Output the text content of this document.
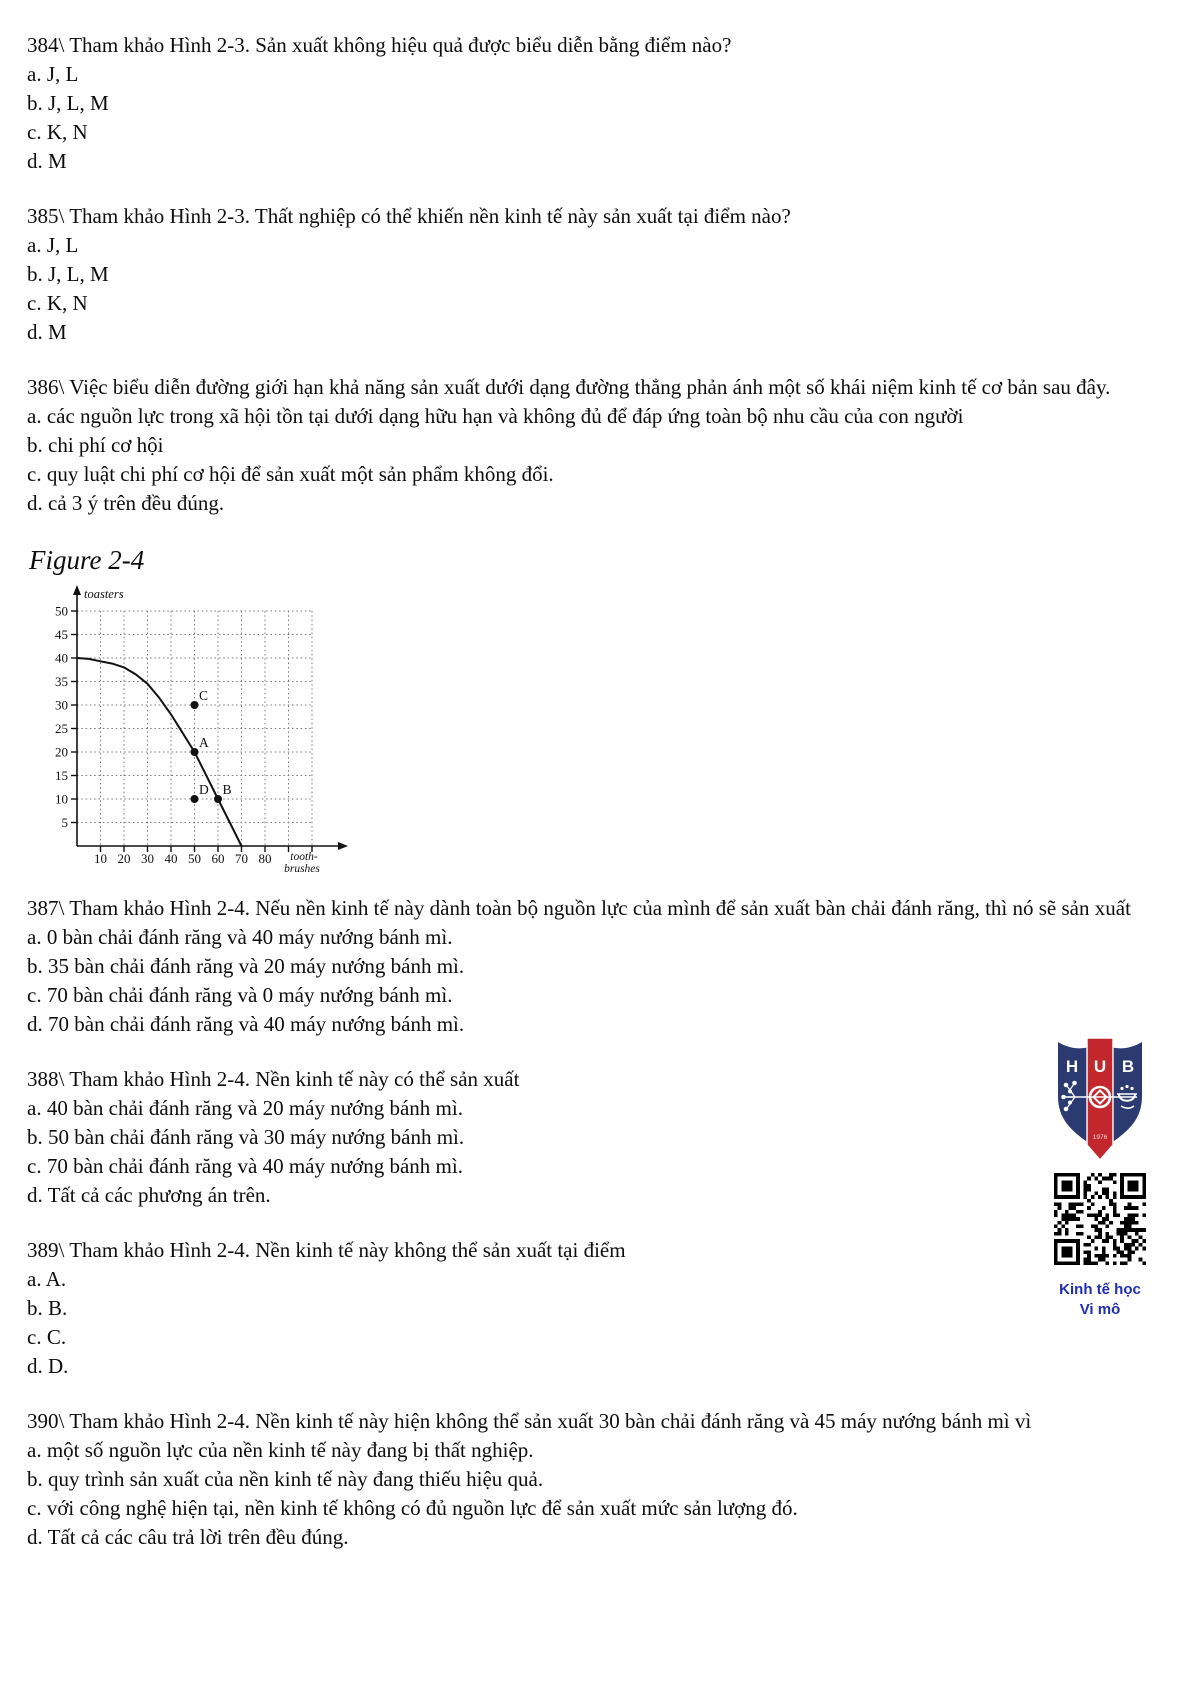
384\ Tham khảo Hình 2-3. Sản xuất không hiệu quả được biểu diễn bằng điểm nào?
a. J, L
b. J, L, M
c. K, N
d. M
385\ Tham khảo Hình 2-3. Thất nghiệp có thể khiến nền kinh tế này sản xuất tại điểm nào?
a. J, L
b. J, L, M
c. K, N
d. M
386\ Việc biểu diễn đường giới hạn khả năng sản xuất dưới dạng đường thẳng phản ánh một số khái niệm kinh tế cơ bản sau đây.
a. các nguồn lực trong xã hội tồn tại dưới dạng hữu hạn và không đủ để đáp ứng toàn bộ nhu cầu của con người
b. chi phí cơ hội
c. quy luật chi phí cơ hội để sản xuất một sản phẩm không đổi.
d. cả 3 ý trên đều đúng.
Figure 2-4
5
10
15
20
25
30
35
40
45
50
10 20 30 40 50 60 70 80
toasters
tooth-
brushes
A
B
C
D
387\ Tham khảo Hình 2-4. Nếu nền kinh tế này dành toàn bộ nguồn lực của mình để sản xuất bàn chải đánh răng, thì nó sẽ sản xuất
a. 0 bàn chải đánh răng và 40 máy nướng bánh mì.
b. 35 bàn chải đánh răng và 20 máy nướng bánh mì.
c. 70 bàn chải đánh răng và 0 máy nướng bánh mì.
d. 70 bàn chải đánh răng và 40 máy nướng bánh mì.
388\ Tham khảo Hình 2-4. Nền kinh tế này có thể sản xuất
a. 40 bàn chải đánh răng và 20 máy nướng bánh mì.
b. 50 bàn chải đánh răng và 30 máy nướng bánh mì.
c. 70 bàn chải đánh răng và 40 máy nướng bánh mì.
d. Tất cả các phương án trên.
389\ Tham khảo Hình 2-4. Nền kinh tế này không thể sản xuất tại điểm
a. A.
b. B.
c. C.
d. D.
390\ Tham khảo Hình 2-4. Nền kinh tế này hiện không thể sản xuất 30 bàn chải đánh răng và 45 máy nướng bánh mì vì
a. một số nguồn lực của nền kinh tế này đang bị thất nghiệp.
b. quy trình sản xuất của nền kinh tế này đang thiếu hiệu quả.
c. với công nghệ hiện tại, nền kinh tế không có đủ nguồn lực để sản xuất mức sản lượng đó.
d. Tất cả các câu trả lời trên đều đúng.
H U B
1976
Kinh tế học
Vi mô
